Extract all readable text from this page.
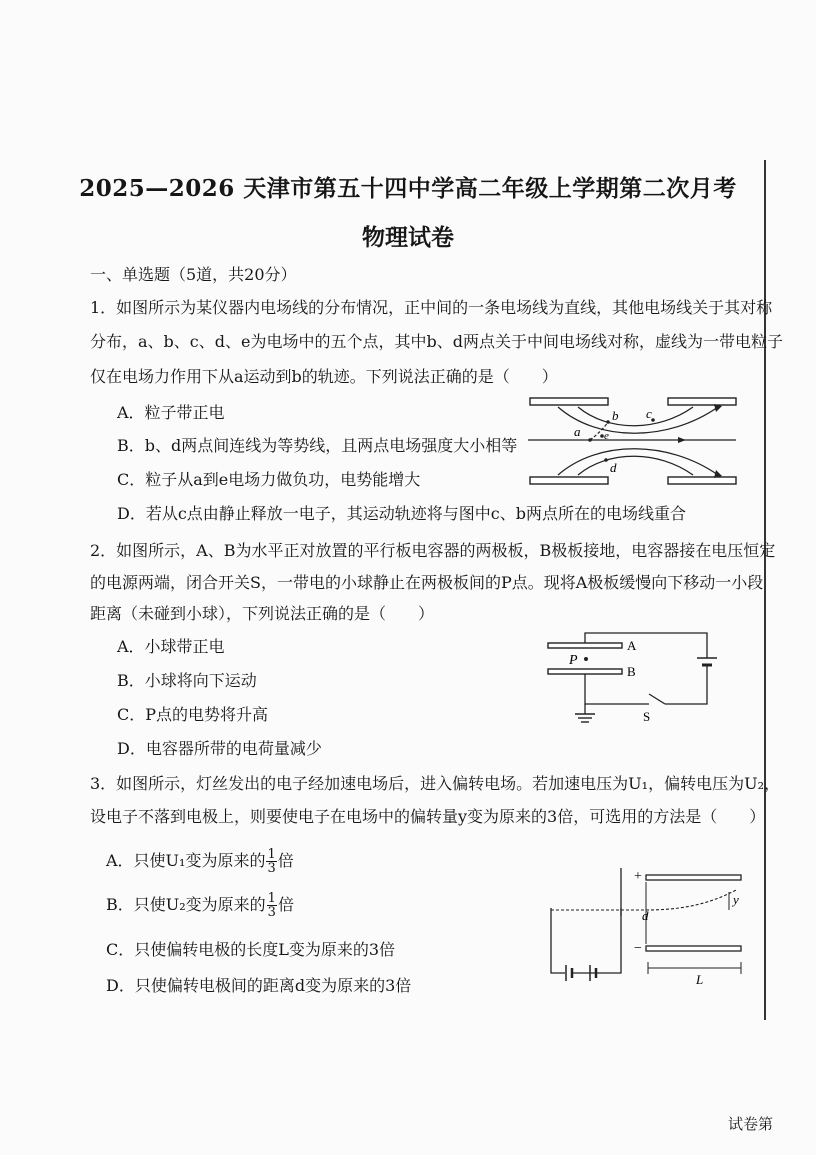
2025—2026 天津市第五十四中学高二年级上学期第二次月考
物理试卷
一、单选题（5道，共20分）
1．如图所示为某仪器内电场线的分布情况，正中间的一条电场线为直线，其他电场线关于其对称
分布，a、b、c、d、e为电场中的五个点，其中b、d两点关于中间电场线对称，虚线为一带电粒子
仅在电场力作用下从a运动到b的轨迹。下列说法正确的是（　　）
A．粒子带正电
B．b、d两点间连线为等势线，且两点电场强度大小相等
C．粒子从a到e电场力做负功，电势能增大
D．若从c点由静止释放一电子，其运动轨迹将与图中c、b两点所在的电场线重合
a
b c
d
e
2．如图所示，A、B为水平正对放置的平行板电容器的两极板，B极板接地，电容器接在电压恒定
的电源两端，闭合开关S，一带电的小球静止在两极板间的P点。现将A极板缓慢向下移动一小段
距离（未碰到小球），下列说法正确的是（　　）
A．小球带正电
B．小球将向下运动
C．P点的电势将升高
D．电容器所带的电荷量减少
P
A
B
S
3．如图所示，灯丝发出的电子经加速电场后，进入偏转电场。若加速电压为U₁，偏转电压为U₂，
设电子不落到电极上，则要使电子在电场中的偏转量y变为原来的3倍，可选用的方法是（　　）
A．只使U₁变为原来的 $\frac{1}{3}$ 倍
B．只使U₂变为原来的 $\frac{1}{3}$ 倍
C．只使偏转电极的长度L变为原来的3倍
D．只使偏转电极间的距离d变为原来的3倍
+
−
d
y
L
试卷第
